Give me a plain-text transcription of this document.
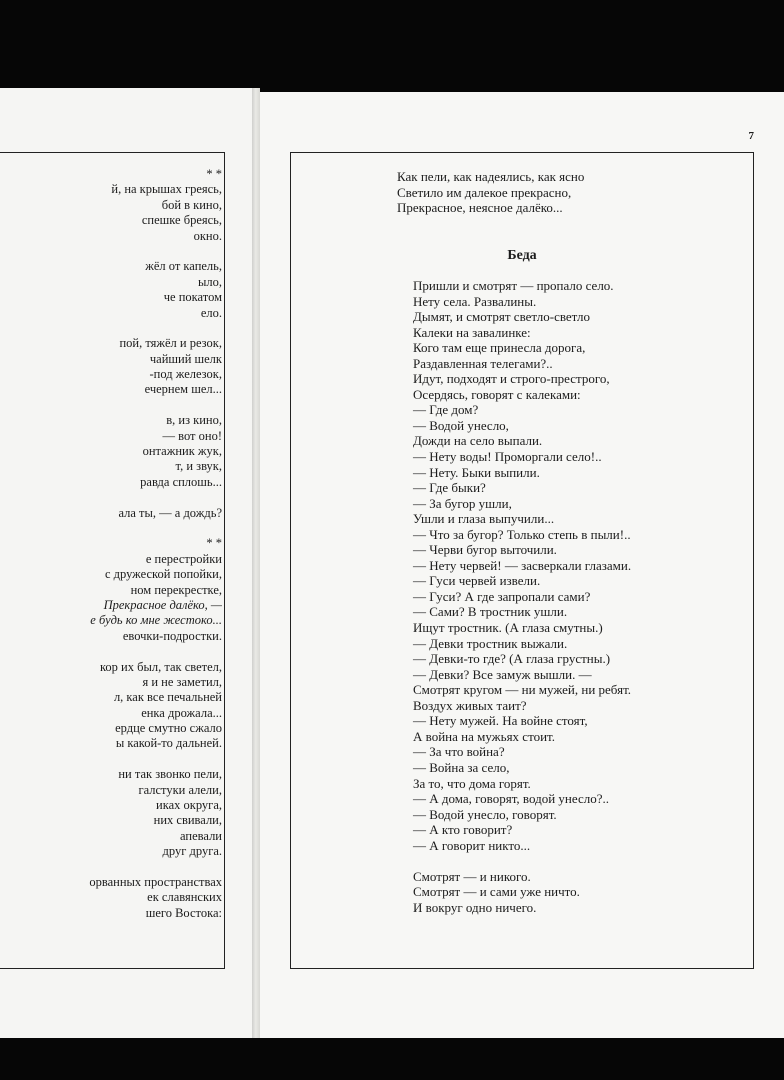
* *
й, на крышах греясь,
бой в кино,
спешке бреясь,
окно.
жёл от капель,
ыло,
че покатом
ело.
пой, тяжёл и резок,
чайший шелк
-под железок,
ечернем шел...
в, из кино,
— вот оно!
онтажник жук,
т, и звук,
равда сплошь...
ала ты, — а дождь?
* *
е перестройки
с дружеской попойки,
ном перекрестке,
Прекрасное далёко, —
е будь ко мне жестоко...
евочки-подростки.
кор их был, так светел,
я и не заметил,
л, как все печальней
енка дрожала...
ердце смутно сжало
ы какой-то дальней.
ни так звонко пели,
галстуки алели,
иках округа,
них свивали,
апевали
друг друга.
орванных пространствах
ек славянских
шего Востока:
7
Как пели, как надеялись, как ясно
Светило им далекое прекрасно,
Прекрасное, неясное далёко...
Беда
Пришли и смотрят — пропало село.
Нету села. Развалины.
Дымят, и смотрят светло-светло
Калеки на завалинке:
Кого там еще принесла дорога,
Раздавленная телегами?..
Идут, подходят и строго-престрого,
Осердясь, говорят с калеками:
— Где дом?
— Водой унесло,
Дожди на село выпали.
— Нету воды! Проморгали село!..
— Нету. Быки выпили.
— Где быки?
— За бугор ушли,
Ушли и глаза выпучили...
— Что за бугор? Только степь в пыли!..
— Черви бугор выточили.
— Нету червей! — засверкали глазами.
— Гуси червей извели.
— Гуси? А где запропали сами?
— Сами? В тростник ушли.
Ищут тростник. (А глаза смутны.)
— Девки тростник выжали.
— Девки-то где? (А глаза грустны.)
— Девки? Все замуж вышли. —
Смотрят кругом — ни мужей, ни ребят.
Воздух живых таит?
— Нету мужей. На войне стоят,
А война на мужьях стоит.
— За что война?
— Война за село,
За то, что дома горят.
— А дома, говорят, водой унесло?..
— Водой унесло, говорят.
— А кто говорит?
— А говорит никто...
Смотрят — и никого.
Смотрят — и сами уже ничто.
И вокруг одно ничего.
